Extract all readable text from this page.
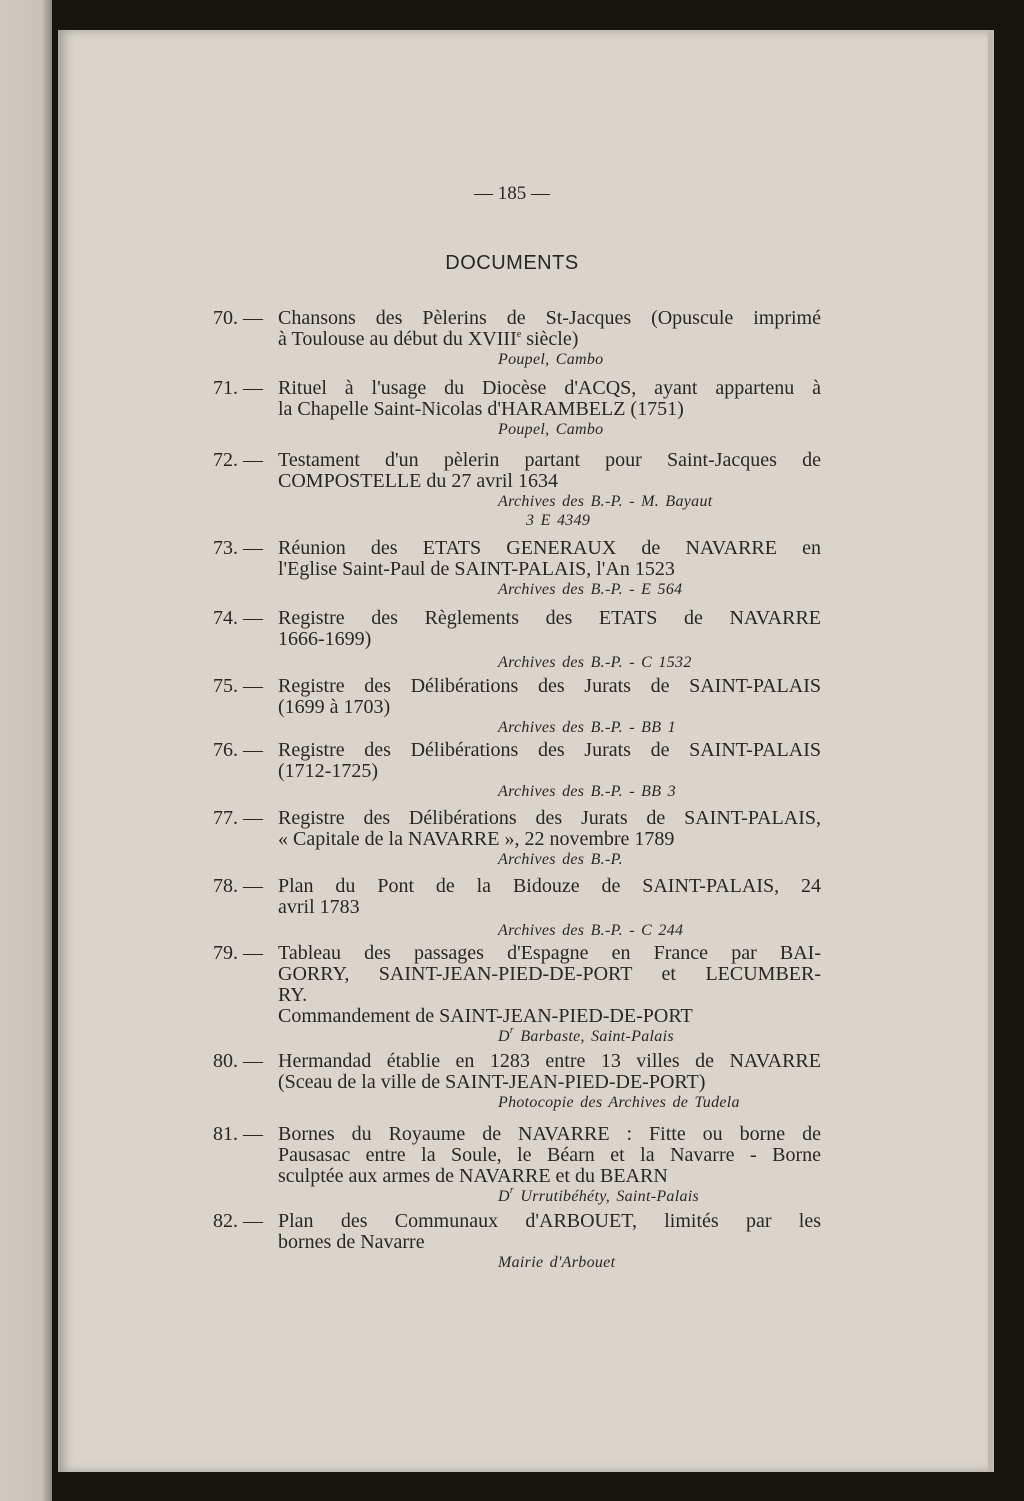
— 185 —
DOCUMENTS
70. — Chansons des Pèlerins de St-Jacques (Opuscule imprimé
à Toulouse au début du XVIIIe siècle)
Poupel, Cambo
71. — Rituel à l'usage du Diocèse d'ACQS, ayant appartenu à
la Chapelle Saint-Nicolas d'HARAMBELZ (1751)
Poupel, Cambo
72. — Testament d'un pèlerin partant pour Saint-Jacques de
COMPOSTELLE du 27 avril 1634
Archives des B.-P. - M. Bayaut
3 E 4349
73. — Réunion des ETATS GENERAUX de NAVARRE en
l'Eglise Saint-Paul de SAINT-PALAIS, l'An 1523
Archives des B.-P. - E 564
74. — Registre des Règlements des ETATS de NAVARRE
1666-1699)
Archives des B.-P. - C 1532
75. — Registre des Délibérations des Jurats de SAINT-PALAIS
(1699 à 1703)
Archives des B.-P. - BB 1
76. — Registre des Délibérations des Jurats de SAINT-PALAIS
(1712-1725)
Archives des B.-P. - BB 3
77. — Registre des Délibérations des Jurats de SAINT-PALAIS,
« Capitale de la NAVARRE », 22 novembre 1789
Archives des B.-P.
78. — Plan du Pont de la Bidouze de SAINT-PALAIS, 24
avril 1783
Archives des B.-P. - C 244
79. — Tableau des passages d'Espagne en France par BAI-
GORRY, SAINT-JEAN-PIED-DE-PORT et LECUMBER-
RY.
Commandement de SAINT-JEAN-PIED-DE-PORT
$D^r$ Barbaste, Saint-Palais
80. — Hermandad établie en 1283 entre 13 villes de NAVARRE
(Sceau de la ville de SAINT-JEAN-PIED-DE-PORT)
Photocopie des Archives de Tudela
81. — Bornes du Royaume de NAVARRE : Fitte ou borne de
Pausasac entre la Soule, le Béarn et la Navarre - Borne
sculptée aux armes de NAVARRE et du BEARN
$D^r$ Urrutibéhéty, Saint-Palais
82. — Plan des Communaux d'ARBOUET, limités par les
bornes de Navarre
Mairie d'Arbouet
